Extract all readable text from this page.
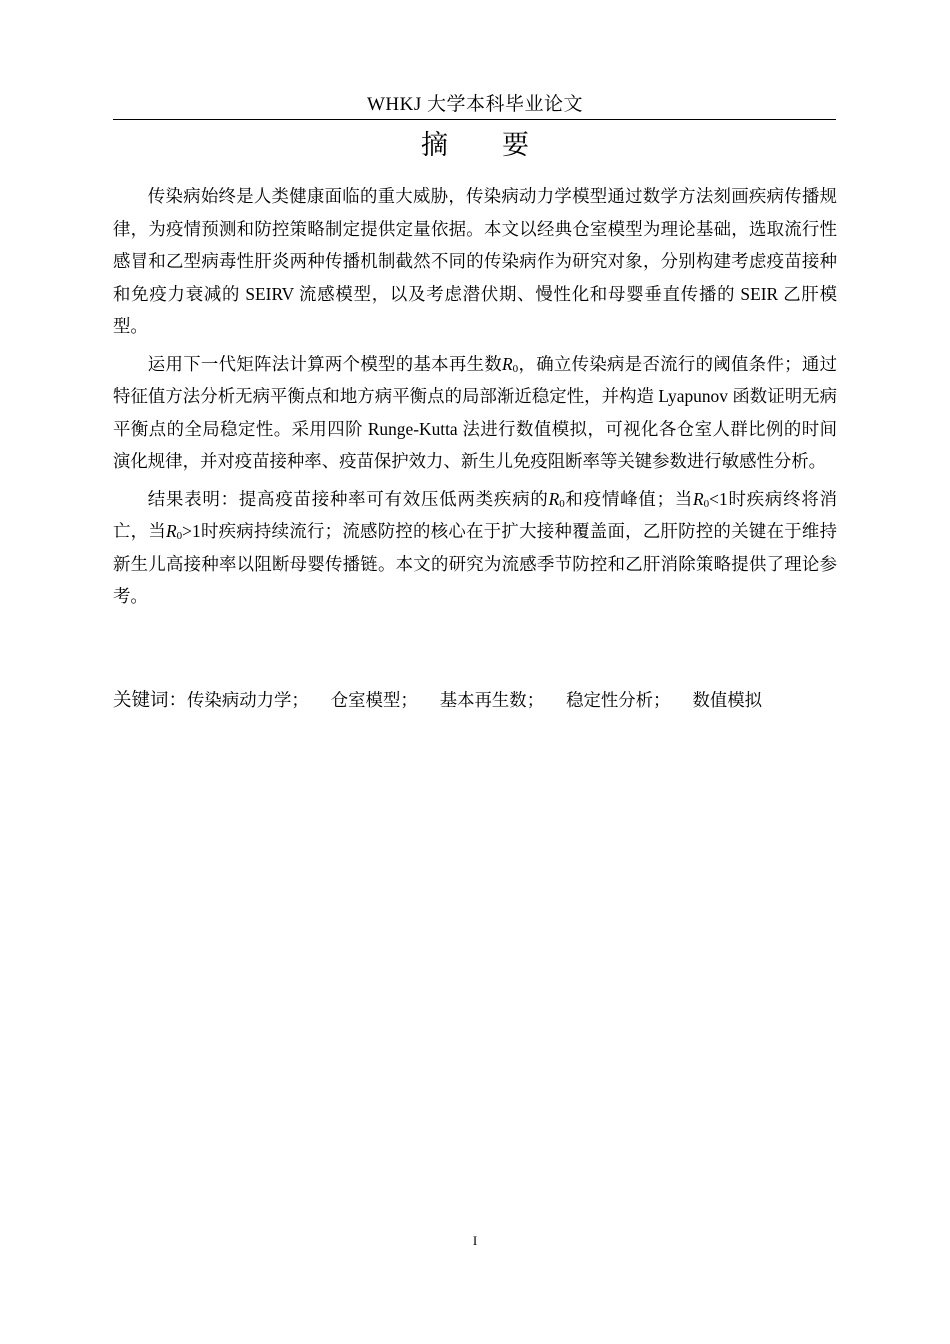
WHKJ 大学本科毕业论文
摘　　要

传染病始终是人类健康面临的重大威胁，传染病动力学模型通过数学方法刻画疾病传播规律，为疫情预测和防控策略制定提供定量依据。本文以经典仓室模型为理论基础，选取流行性感冒和乙型病毒性肝炎两种传播机制截然不同的传染病作为研究对象，分别构建考虑疫苗接种和免疫力衰减的 SEIRV 流感模型，以及考虑潜伏期、慢性化和母婴垂直传播的 SEIR 乙肝模型。

运用下一代矩阵法计算两个模型的基本再生数$R_0$，确立传染病是否流行的阈值条件；通过特征值方法分析无病平衡点和地方病平衡点的局部渐近稳定性，并构造 Lyapunov 函数证明无病平衡点的全局稳定性。采用四阶 Runge-Kutta 法进行数值模拟，可视化各仓室人群比例的时间演化规律，并对疫苗接种率、疫苗保护效力、新生儿免疫阻断率等关键参数进行敏感性分析。

结果表明：提高疫苗接种率可有效压低两类疾病的$R_0$和疫情峰值；当$R_0<1$时疾病终将消亡，当$R_0>1$时疾病持续流行；流感防控的核心在于扩大接种覆盖面，乙肝防控的关键在于维持新生儿高接种率以阻断母婴传播链。本文的研究为流感季节防控和乙肝消除策略提供了理论参考。

关键词：传染病动力学； 仓室模型； 基本再生数； 稳定性分析； 数值模拟
I
